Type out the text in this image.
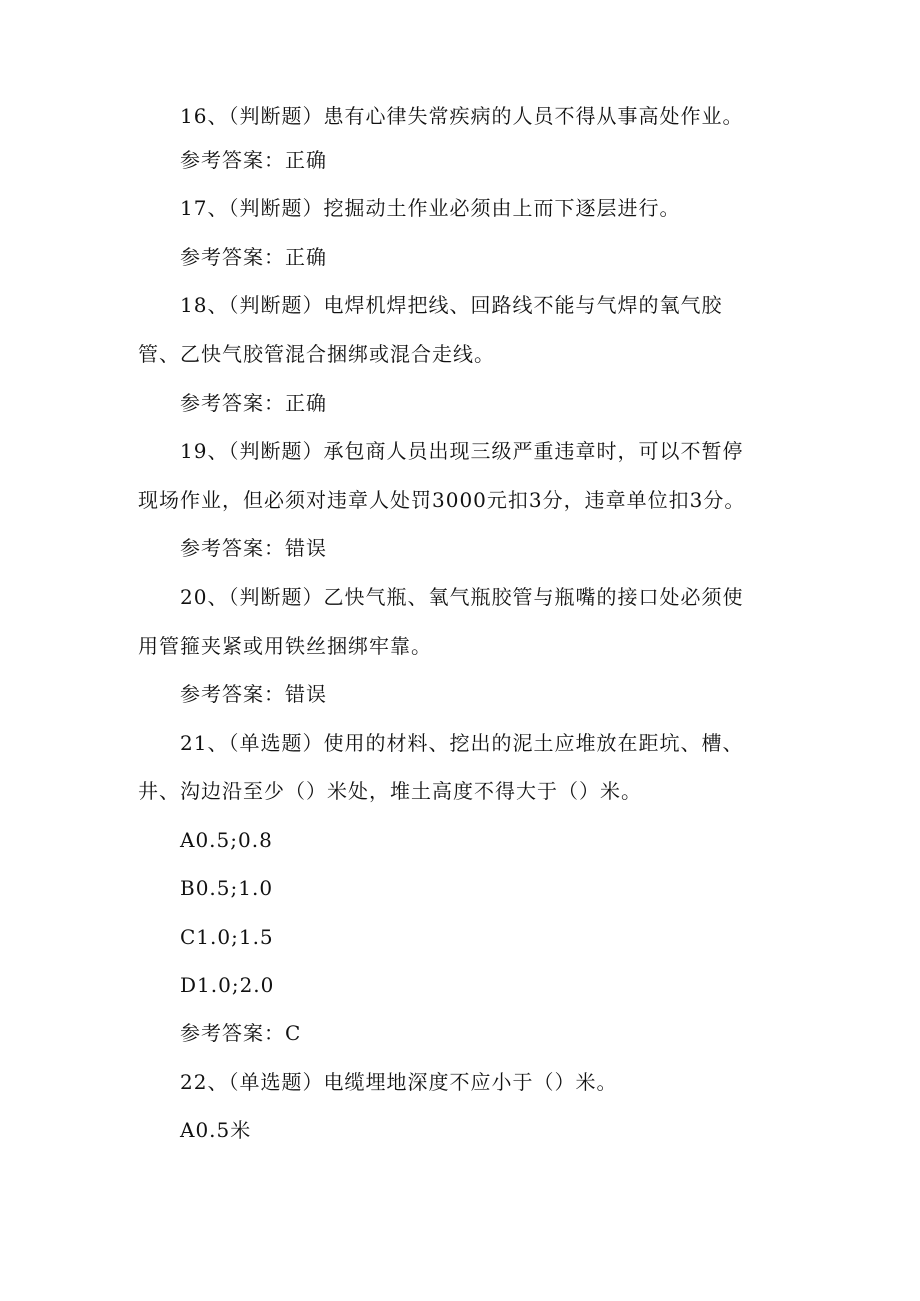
16、（判断题）患有心律失常疾病的人员不得从事高处作业。
参考答案：正确
17、（判断题）挖掘动土作业必须由上而下逐层进行。
参考答案：正确
18、（判断题）电焊机焊把线、回路线不能与气焊的氧气胶
管、乙快气胶管混合捆绑或混合走线。
参考答案：正确
19、（判断题）承包商人员出现三级严重违章时，可以不暂停
现场作业，但必须对违章人处罚3000元扣3分，违章单位扣3分。
参考答案：错误
20、（判断题）乙快气瓶、氧气瓶胶管与瓶嘴的接口处必须使
用管箍夹紧或用铁丝捆绑牢靠。
参考答案：错误
21、（单选题）使用的材料、挖出的泥土应堆放在距坑、槽、
井、沟边沿至少（）米处，堆土高度不得大于（）米。
A0.5;0.8
B0.5;1.0
C1.0;1.5
D1.0;2.0
参考答案：C
22、（单选题）电缆埋地深度不应小于（）米。
A0.5米
